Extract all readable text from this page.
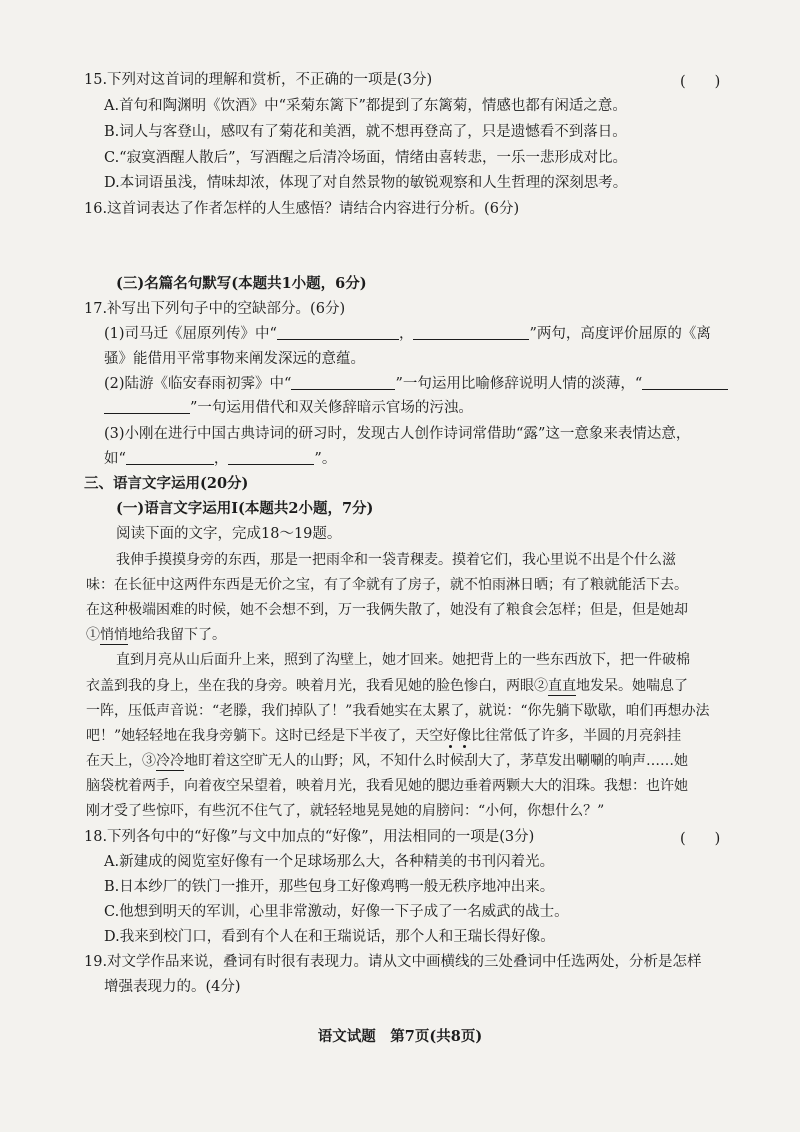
15.下列对这首词的理解和赏析，不正确的一项是(3分)	(　　)
A.首句和陶渊明《饮酒》中“采菊东篱下”都提到了东篱菊，情感也都有闲适之意。
B.词人与客登山，感叹有了菊花和美酒，就不想再登高了，只是遗憾看不到落日。
C.“寂寞酒醒人散后”，写酒醒之后清冷场面，情绪由喜转悲，一乐一悲形成对比。
D.本词语虽浅，情味却浓，体现了对自然景物的敏锐观察和人生哲理的深刻思考。
16.这首词表达了作者怎样的人生感悟？请结合内容进行分析。(6分)
(三)名篇名句默写(本题共1小题，6分)
17.补写出下列句子中的空缺部分。(6分)
(1)司马迁《屈原列传》中“	，	”两句，高度评价屈原的《离
骚》能借用平常事物来阐发深远的意蕴。
(2)陆游《临安春雨初霁》中“	”一句运用比喻修辞说明人情的淡薄，“
”一句运用借代和双关修辞暗示官场的污浊。
(3)小刚在进行中国古典诗词的研习时，发现古人创作诗词常借助“露”这一意象来表情达意，
如“	，	”。
三、语言文字运用(20分)
(一)语言文字运用Ⅰ(本题共2小题，7分)
阅读下面的文字，完成18～19题。
我伸手摸摸身旁的东西，那是一把雨伞和一袋青稞麦。摸着它们，我心里说不出是个什么滋
味：在长征中这两件东西是无价之宝，有了伞就有了房子，就不怕雨淋日晒；有了粮就能活下去。
在这种极端困难的时候，她不会想不到，万一我俩失散了，她没有了粮食会怎样；但是，但是她却
①悄悄地给我留下了。
直到月亮从山后面升上来，照到了沟壁上，她才回来。她把背上的一些东西放下，把一件破棉
衣盖到我的身上，坐在我的身旁。映着月光，我看见她的脸色惨白，两眼②直直地发呆。她喘息了
一阵，压低声音说：“老滕，我们掉队了！”我看她实在太累了，就说：“你先躺下歇歇，咱们再想办法
吧！”她轻轻地在我身旁躺下。这时已经是下半夜了，天空好像比往常低了许多，半圆的月亮斜挂
在天上，③冷冷地盯着这空旷无人的山野；风，不知什么时候刮大了，茅草发出唰唰的响声……她
脑袋枕着两手，向着夜空呆望着，映着月光，我看见她的腮边垂着两颗大大的泪珠。我想：也许她
刚才受了些惊吓，有些沉不住气了，就轻轻地晃晃她的肩膀问：“小何，你想什么？”
18.下列各句中的“好像”与文中加点的“好像”，用法相同的一项是(3分)	(　　)
A.新建成的阅览室好像有一个足球场那么大，各种精美的书刊闪着光。
B.日本纱厂的铁门一推开，那些包身工好像鸡鸭一般无秩序地冲出来。
C.他想到明天的军训，心里非常激动，好像一下子成了一名威武的战士。
D.我来到校门口，看到有个人在和王瑞说话，那个人和王瑞长得好像。
19.对文学作品来说，叠词有时很有表现力。请从文中画横线的三处叠词中任选两处，分析是怎样
增强表现力的。(4分)
语文试题　第7页(共8页)
